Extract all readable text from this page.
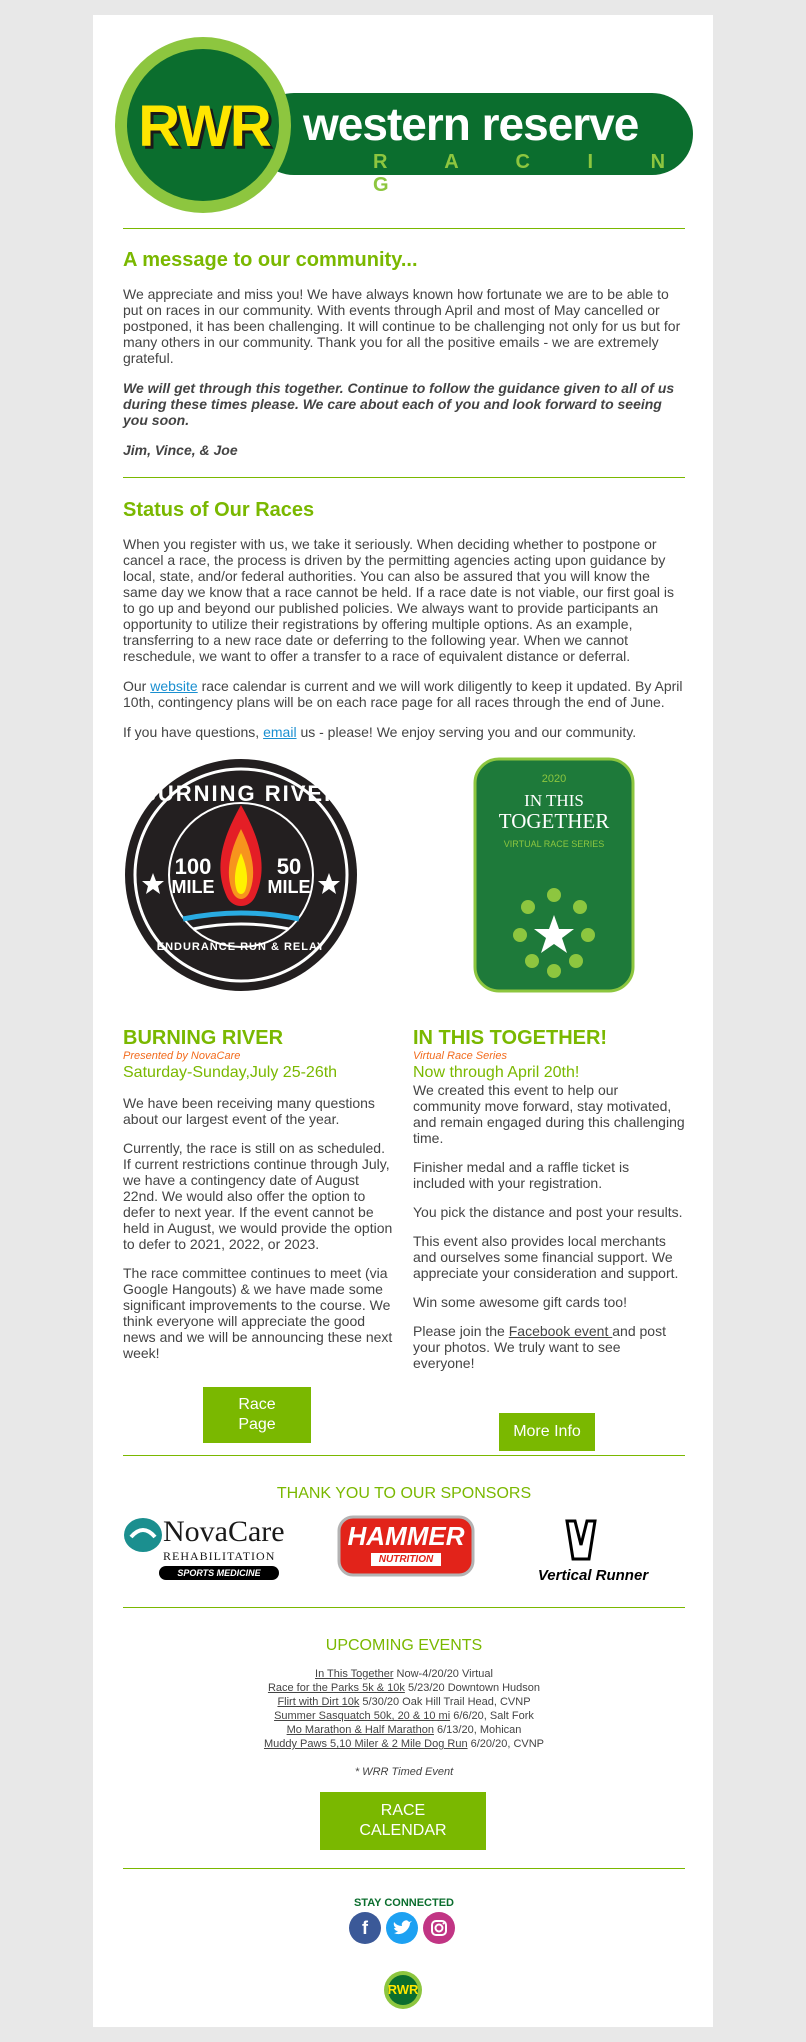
RWR western reserve
R A C I N G
A message to our community...

We appreciate and miss you! We have always known how fortunate we are to be able to put on races in our community. With events through April and most of May cancelled or postponed, it has been challenging. It will continue to be challenging not only for us but for many others in our community. Thank you for all the positive emails - we are extremely grateful.

We will get through this together. Continue to follow the guidance given to all of us during these times please. We care about each of you and look forward to seeing you soon.

Jim, Vince, & Joe

Status of Our Races

When you register with us, we take it seriously. When deciding whether to postpone or cancel a race, the process is driven by the permitting agencies acting upon guidance by local, state, and/or federal authorities. You can also be assured that you will know the same day we know that a race cannot be held. If a race date is not viable, our first goal is to go up and beyond our published policies. We always want to provide participants an opportunity to utilize their registrations by offering multiple options. As an example, transferring to a new race date or deferring to the following year. When we cannot reschedule, we want to offer a transfer to a race of equivalent distance or deferral.

Our website race calendar is current and we will work diligently to keep it updated. By April 10th, contingency plans will be on each race page for all races through the end of June.

If you have questions, email us - please! We enjoy serving you and our community.

BURNING RIVER
100
MILE
50
MILE
ENDURANCE RUN & RELAY
2020
IN THIS
TOGETHER
VIRTUAL RACE SERIES
BURNING RIVER
Presented by NovaCare
Saturday-Sunday,July 25-26th

We have been receiving many questions about our largest event of the year.

Currently, the race is still on as scheduled. If current restrictions continue through July, we have a contingency date of August 22nd. We would also offer the option to defer to next year. If the event cannot be held in August, we would provide the option to defer to 2021, 2022, or 2023.

The race committee continues to meet (via Google Hangouts) & we have made some significant improvements to the course. We think everyone will appreciate the good news and we will be announcing these next week!

IN THIS TOGETHER!
Virtual Race Series
Now through April 20th!

We created this event to help our community move forward, stay motivated, and remain engaged during this challenging time.

Finisher medal and a raffle ticket is included with your registration.

You pick the distance and post your results.

This event also provides local merchants and ourselves some financial support. We appreciate your consideration and support.

Win some awesome gift cards too!

Please join the Facebook event and post your photos. We truly want to see everyone!

Race Page	More Info
THANK YOU TO OUR SPONSORS
NovaCare
REHABILITATION
SPORTS MEDICINE
HAMMER
NUTRITION
Vertical Runner
UPCOMING EVENTS
In This Together Now-4/20/20 Virtual
Race for the Parks 5k & 10k 5/23/20 Downtown Hudson
Flirt with Dirt 10k 5/30/20 Oak Hill Trail Head, CVNP
Summer Sasquatch 50k, 20 & 10 mi 6/6/20, Salt Fork
Mo Marathon & Half Marathon 6/13/20, Mohican
Muddy Paws 5,10 Miler & 2 Mile Dog Run 6/20/20, CVNP
* WRR Timed Event
RACE CALENDAR
STAY CONNECTED
f
RWR
